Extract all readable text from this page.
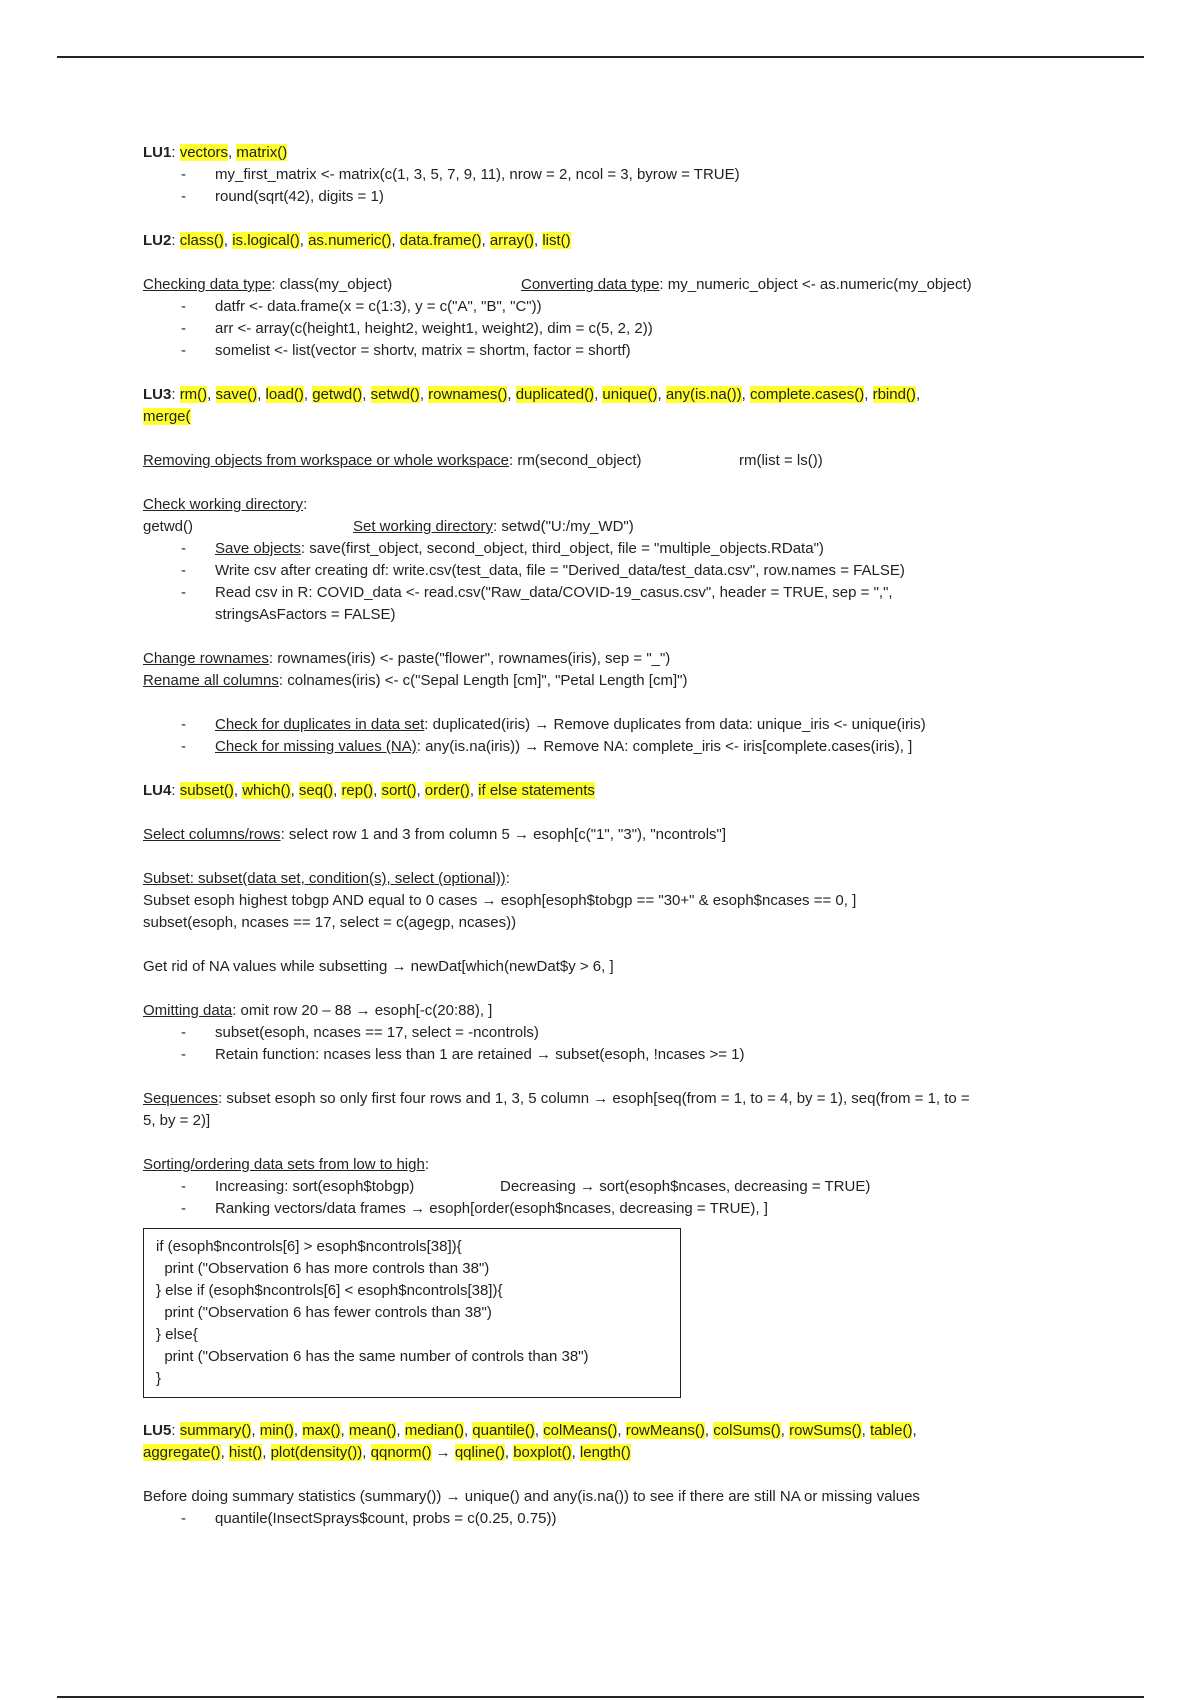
LU1: vectors, matrix()
- my_first_matrix <- matrix(c(1, 3, 5, 7, 9, 11), nrow = 2, ncol = 3, byrow = TRUE)
- round(sqrt(42), digits = 1)
LU2: class(), is.logical(), as.numeric(), data.frame(), array(), list()
Checking data type: class(my_object)	Converting data type: my_numeric_object <- as.numeric(my_object)
- datfr <- data.frame(x = c(1:3), y = c("A", "B", "C"))
- arr <- array(c(height1, height2, weight1, weight2), dim = c(5, 2, 2))
- somelist <- list(vector = shortv, matrix = shortm, factor = shortf)
LU3: rm(), save(), load(), getwd(), setwd(), rownames(), duplicated(), unique(), any(is.na()), complete.cases(), rbind(),
merge(
Removing objects from workspace or whole workspace: rm(second_object)	rm(list = ls())
Check working directory: getwd()	Set working directory: setwd("U:/my_WD")
- Save objects: save(first_object, second_object, third_object, file = "multiple_objects.RData")
- Write csv after creating df: write.csv(test_data, file = "Derived_data/test_data.csv", row.names = FALSE)
- Read csv in R: COVID_data <- read.csv("Raw_data/COVID-19_casus.csv", header = TRUE, sep = ",",
stringsAsFactors = FALSE)
Change rownames: rownames(iris) <- paste("flower", rownames(iris), sep = "_")
Rename all columns: colnames(iris) <- c("Sepal Length [cm]", "Petal Length [cm]")
- Check for duplicates in data set: duplicated(iris) → Remove duplicates from data: unique_iris <- unique(iris)
- Check for missing values (NA): any(is.na(iris)) → Remove NA: complete_iris <- iris[complete.cases(iris), ]
LU4: subset(), which(), seq(), rep(), sort(), order(), if else statements
Select columns/rows: select row 1 and 3 from column 5 → esoph[c("1", "3"), "ncontrols"]
Subset: subset(data set, condition(s), select (optional)):
Subset esoph highest tobgp AND equal to 0 cases → esoph[esoph$tobgp == "30+" & esoph$ncases == 0, ]
subset(esoph, ncases == 17, select = c(agegp, ncases))
Get rid of NA values while subsetting → newDat[which(newDat$y > 6, ]
Omitting data: omit row 20 – 88 → esoph[-c(20:88), ]
- subset(esoph, ncases == 17, select = -ncontrols)
- Retain function: ncases less than 1 are retained → subset(esoph, !ncases >= 1)
Sequences: subset esoph so only first four rows and 1, 3, 5 column → esoph[seq(from = 1, to = 4, by = 1), seq(from = 1, to =
5, by = 2)]
Sorting/ordering data sets from low to high:
- Increasing: sort(esoph$tobgp)	Decreasing → sort(esoph$ncases, decreasing = TRUE)
- Ranking vectors/data frames → esoph[order(esoph$ncases, decreasing = TRUE), ]
if (esoph$ncontrols[6] > esoph$ncontrols[38]){
print ("Observation 6 has more controls than 38")
} else if (esoph$ncontrols[6] < esoph$ncontrols[38]){
print ("Observation 6 has fewer controls than 38")
} else{
print ("Observation 6 has the same number of controls than 38")
}
LU5: summary(), min(), max(), mean(), median(), quantile(), colMeans(), rowMeans(), colSums(), rowSums(), table(),
aggregate(), hist(), plot(density()), qqnorm() → qqline(), boxplot(), length()
Before doing summary statistics (summary()) → unique() and any(is.na()) to see if there are still NA or missing values
- quantile(InsectSprays$count, probs = c(0.25, 0.75))
